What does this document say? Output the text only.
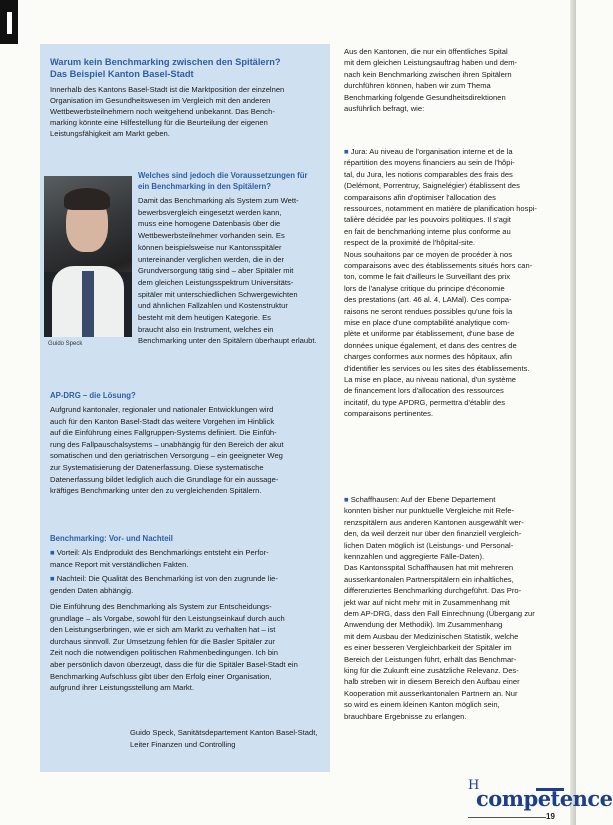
Guido Speck
H
competence
19
Warum kein Benchmarking zwischen den Spitälern?
Das Beispiel Kanton Basel-Stadt
Innerhalb des Kantons Basel-Stadt ist die Marktposition der einzelnen
Organisation im Gesundheitswesen im Vergleich mit den anderen
Wettbewerbsteilnehmern noch weitgehend unbekannt. Das Bench-
marking könnte eine Hilfestellung für die Beurteilung der eigenen
Leistungsfähigkeit am Markt geben.
Welches sind jedoch die Voraussetzungen für
ein Benchmarking in den Spitälern?
Damit das Benchmarking als System zum Wett-
bewerbsvergleich eingesetzt werden kann,
muss eine homogene Datenbasis über die
Wettbewerbsteilnehmer vorhanden sein. Es
können beispielsweise nur Kantonsspitäler
untereinander verglichen werden, die in der
Grundversorgung tätig sind – aber Spitäler mit
dem gleichen Leistungsspektrum Universitäts-
spitäler mit unterschiedlichen Schwergewichten
und ähnlichen Fallzahlen und Kostenstruktur
besteht mit dem heutigen Kategorie. Es
braucht also ein Instrument, welches ein
Benchmarking unter den Spitälern überhaupt erlaubt.
AP-DRG – die Lösung?
Aufgrund kantonaler, regionaler und nationaler Entwicklungen wird
auch für den Kanton Basel-Stadt das weitere Vorgehen im Hinblick
auf die Einführung eines Fallgruppen-Systems definiert. Die Einfüh-
rung des Fallpauschalsystems – unabhängig für den Bereich der akut
somatischen und den geriatrischen Versorgung – ein geeigneter Weg
zur Systematisierung der Datenerfassung. Diese systematische
Datenerfassung bildet lediglich auch die Grundlage für ein aussage-
kräftiges Benchmarking unter den zu vergleichenden Spitälern.
Benchmarking: Vor- und Nachteil
■ Vorteil: Als Endprodukt des Benchmarkings entsteht ein Perfor-
mance Report mit verständlichen Fakten.
■ Nachteil: Die Qualität des Benchmarking ist von den zugrunde lie-
genden Daten abhängig.
Die Einführung des Benchmarking als System zur Entscheidungs-
grundlage – als Vorgabe, sowohl für den Leistungseinkauf durch auch
den Leistungserbringen, wie er sich am Markt zu verhalten hat – ist
durchaus sinnvoll. Zur Umsetzung fehlen für die Basler Spitäler zur
Zeit noch die notwendigen politischen Rahmenbedingungen. Ich bin
aber persönlich davon überzeugt, dass die für die Spitäler Basel-Stadt ein
Benchmarking Aufschluss gibt über den Erfolg einer Organisation,
aufgrund ihrer Leistungsstellung am Markt.
Guido Speck, Sanitätsdepartement Kanton Basel-Stadt,
Leiter Finanzen und Controlling
Aus den Kantonen, die nur ein öffentliches Spital
mit dem gleichen Leistungsauftrag haben und dem-
nach kein Benchmarking zwischen ihren Spitälern
durchführen können, haben wir zum Thema
Benchmarking folgende Gesundheitsdirektionen
ausführlich befragt, wie:
■ Jura: Au niveau de l'organisation interne et de la
répartition des moyens financiers au sein de l'hôpi-
tal, du Jura, les notions comparables des frais des
(Delémont, Porrentruy, Saignelégier) établissent des
comparaisons afin d'optimiser l'allocation des
ressources, notamment en matière de planification hospi-
talière décidée par les pouvoirs politiques. Il s'agit
en fait de benchmarking interne plus conforme au
respect de la proximité de l'hôpital-site.
Nous souhaitons par ce moyen de procéder à nos
comparaisons avec des établissements situés hors can-
ton, comme le fait d'ailleurs le Surveillant des prix
lors de l'analyse critique du principe d'économie
des prestations (art. 46 al. 4, LAMal). Ces compa-
raisons ne seront rendues possibles qu'une fois la
mise en place d'une comptabilité analytique com-
plète et uniforme par établissement, d'une base de
données unique également, et dans des centres de
charges conformes aux normes des hôpitaux, afin
d'identifier les services ou les sites des établissements.
La mise en place, au niveau national, d'un système
de financement lors d'allocation des ressources
incitatif, du type APDRG, permettra d'établir des
comparaisons pertinentes.
■ Schaffhausen: Auf der Ebene Departement
konnten bisher nur punktuelle Vergleiche mit Refe-
renzspitälern aus anderen Kantonen ausgewählt wer-
den, da weil derzeit nur über den finanziell vergleich-
lichen Daten möglich ist (Leistungs- und Personal-
kennzahlen und aggregierte Fälle-Daten).
Das Kantonsspital Schaffhausen hat mit mehreren
ausserkantonalen Partnerspitälern ein inhaltliches,
differenziertes Benchmarking durchgeführt. Das Pro-
jekt war auf nicht mehr mit in Zusammenhang mit
dem AP-DRG, dass den Fall Einrechnung (Übergang zur
Anwendung der Methodik). Im Zusammenhang
mit dem Ausbau der Medizinischen Statistik, welche
es einer besseren Vergleichbarkeit der Spitäler im
Bereich der Leistungen führt, erhält das Benchmar-
king für die Zukunft eine zusätzliche Relevanz. Des-
halb streben wir in diesem Bereich den Aufbau einer
Kooperation mit ausserkantonalen Partnern an. Nur
so wird es einem kleinen Kanton möglich sein,
brauchbare Ergebnisse zu erlangen.
